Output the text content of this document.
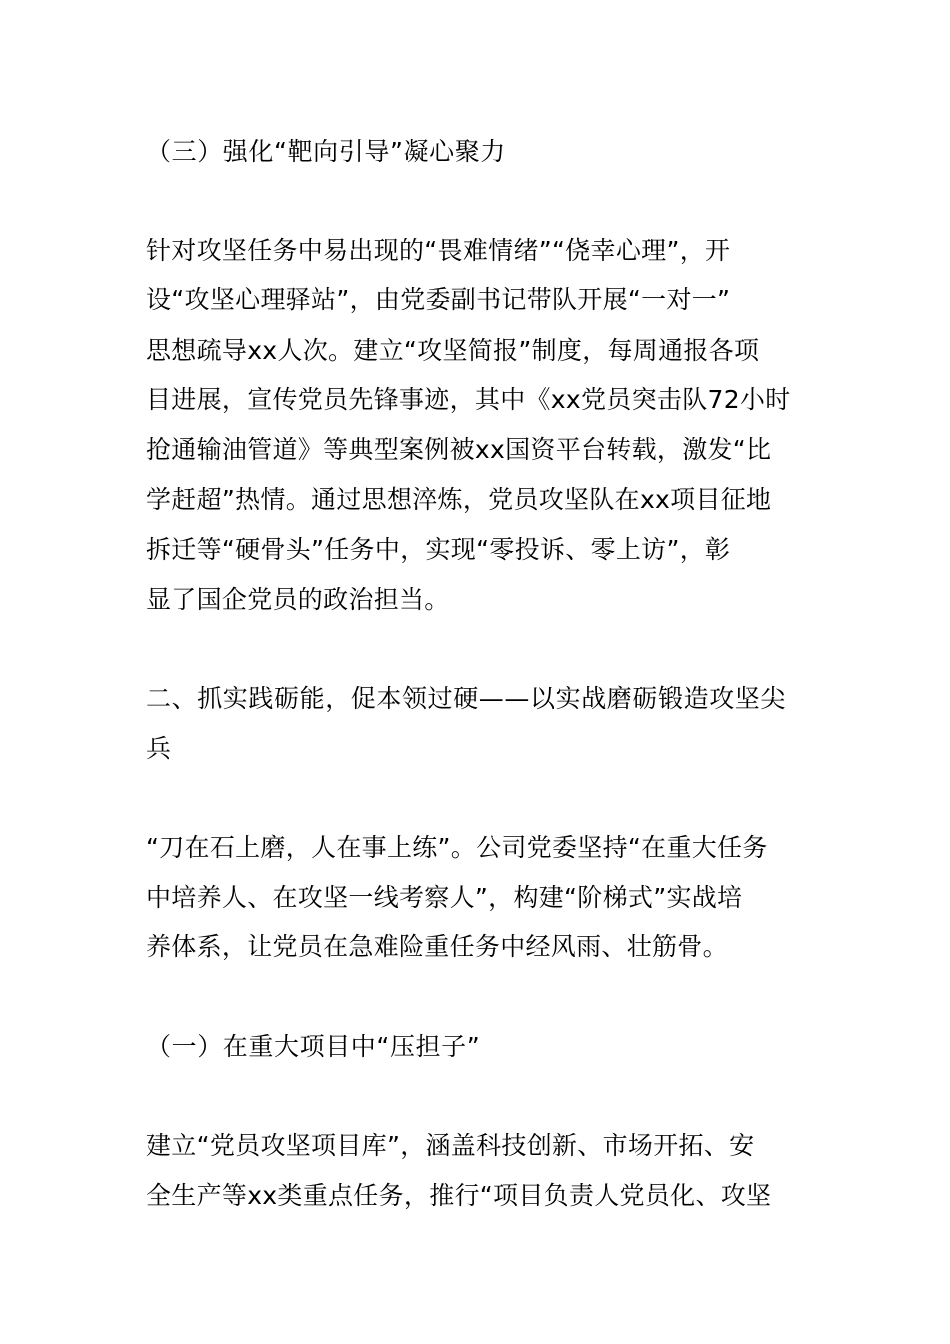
（三）强化“靶向引导”凝心聚力
针对攻坚任务中易出现的“畏难情绪”“侥幸心理”，开
设“攻坚心理驿站”，由党委副书记带队开展“一对一”
思想疏导xx人次。建立“攻坚简报”制度，每周通报各项
目进展，宣传党员先锋事迹，其中《xx党员突击队72小时
抢通输油管道》等典型案例被xx国资平台转载，激发“比
学赶超”热情。通过思想淬炼，党员攻坚队在xx项目征地
拆迁等“硬骨头”任务中，实现“零投诉、零上访”，彰
显了国企党员的政治担当。
二、抓实践砺能，促本领过硬——以实战磨砺锻造攻坚尖
兵
“刀在石上磨，人在事上练”。公司党委坚持“在重大任务
中培养人、在攻坚一线考察人”，构建“阶梯式”实战培
养体系，让党员在急难险重任务中经风雨、壮筋骨。
（一）在重大项目中“压担子”
建立“党员攻坚项目库”，涵盖科技创新、市场开拓、安
全生产等xx类重点任务，推行“项目负责人党员化、攻坚
